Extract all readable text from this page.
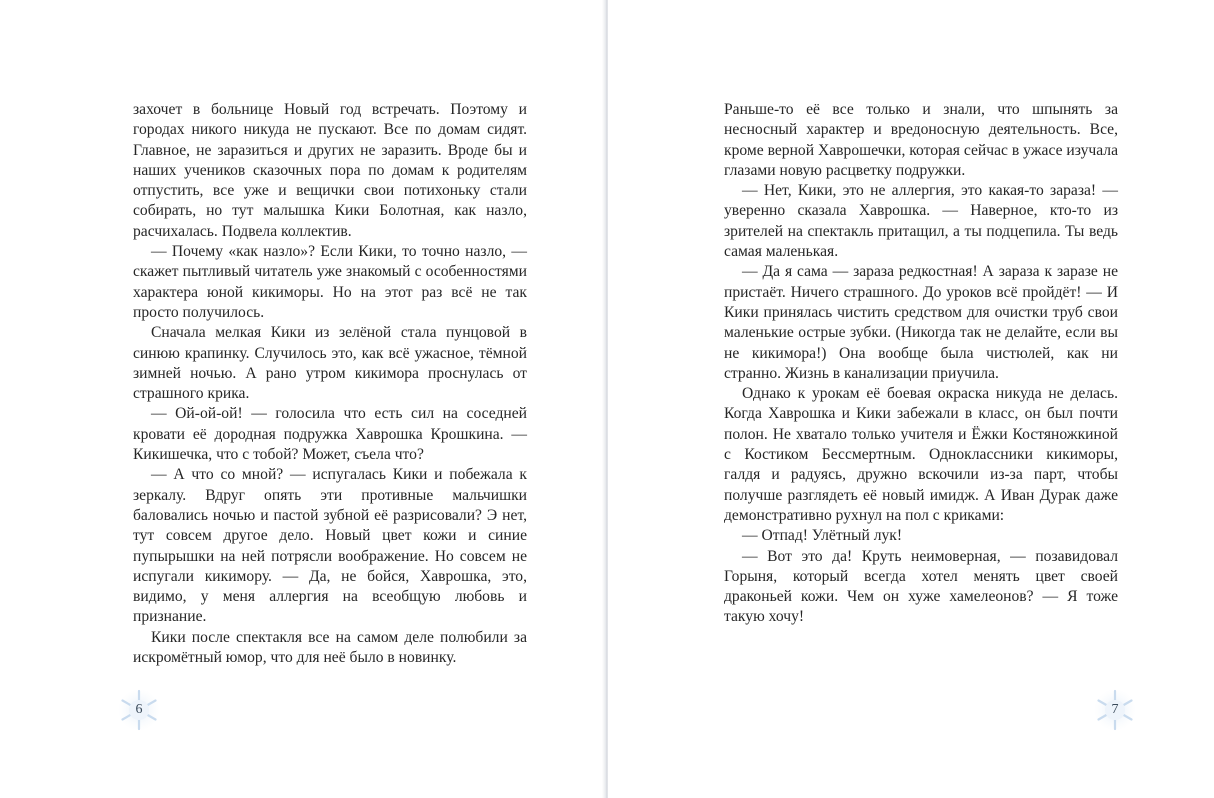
захочет в больнице Новый год встречать. Поэтому и городах никого никуда не пускают. Все по домам сидят. Главное, не заразиться и других не заразить. Вроде бы и наших учеников сказочных пора по домам к родителям отпустить, все уже и вещички свои потихоньку стали собирать, но тут малышка Кики Болотная, как назло, расчихалась. Подвела коллектив.

— Почему «как назло»? Если Кики, то точно назло, — скажет пытливый читатель уже знакомый с особенностями характера юной кикиморы. Но на этот раз всё не так просто получилось.

Сначала мелкая Кики из зелёной стала пунцовой в синюю крапинку. Случилось это, как всё ужасное, тёмной зимней ночью. А рано утром кикимора проснулась от страшного крика.

— Ой-ой-ой! — голосила что есть сил на соседней кровати её дородная подружка Хаврошка Крошкина. — Кикишечка, что с тобой? Может, съела что?

— А что со мной? — испугалась Кики и побежала к зеркалу. Вдруг опять эти противные мальчишки баловались ночью и пастой зубной её разрисовали? Э нет, тут совсем другое дело. Новый цвет кожи и синие пупырышки на ней потрясли воображение. Но совсем не испугали кикимору. — Да, не бойся, Хаврошка, это, видимо, у меня аллергия на всеобщую любовь и признание.

Кики после спектакля все на самом деле полюбили за искромётный юмор, что для неё было в новинку.

6

Раньше-то её все только и знали, что шпынять за несносный характер и вредоносную деятельность. Все, кроме верной Хаврошечки, которая сейчас в ужасе изучала глазами новую расцветку подружки.

— Нет, Кики, это не аллергия, это какая-то зараза! — уверенно сказала Хаврошка. — Наверное, кто-то из зрителей на спектакль притащил, а ты подцепила. Ты ведь самая маленькая.

— Да я сама — зараза редкостная! А зараза к заразе не пристаёт. Ничего страшного. До уроков всё пройдёт! — И Кики принялась чистить средством для очистки труб свои маленькие острые зубки. (Никогда так не делайте, если вы не кикимора!) Она вообще была чистюлей, как ни странно. Жизнь в канализации приучила.

Однако к урокам её боевая окраска никуда не делась. Когда Хаврошка и Кики забежали в класс, он был почти полон. Не хватало только учителя и Ёжки Костяножкиной с Костиком Бессмертным. Одноклассники кикиморы, галдя и радуясь, дружно вскочили из-за парт, чтобы получше разглядеть её новый имидж. А Иван Дурак даже демонстративно рухнул на пол с криками:

— Отпад! Улётный лук!

— Вот это да! Круть неимоверная, — позавидовал Горыня, который всегда хотел менять цвет своей драконьей кожи. Чем он хуже хамелеонов? — Я тоже такую хочу!

7
